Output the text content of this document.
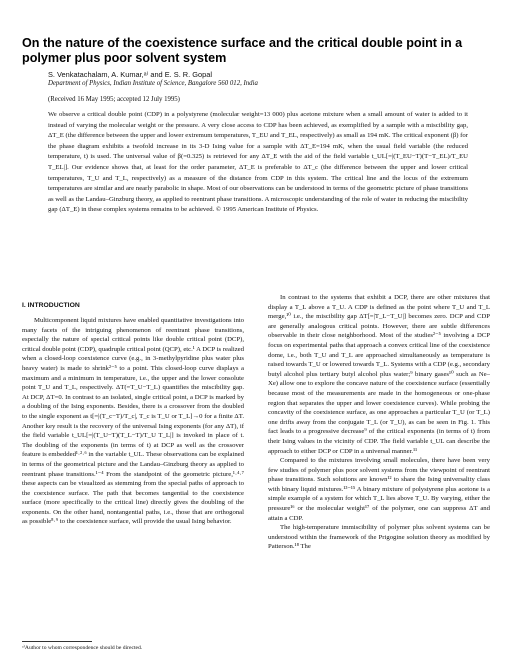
On the nature of the coexistence surface and the critical double point in a polymer plus poor solvent system
S. Venkatachalam, A. Kumar,ᵃ⁾ and E. S. R. Gopal
Department of Physics, Indian Institute of Science, Bangalore 560 012, India
(Received 16 May 1995; accepted 12 July 1995)

We observe a critical double point (CDP) in a polystyrene (molecular weight=13 000) plus acetone mixture when a small amount of water is added to it instead of varying the molecular weight or the pressure. A very close access to CDP has been achieved, as exemplified by a sample with a miscibility gap, ΔT_E (the difference between the upper and lower extremum temperatures, T_EU and T_EL, respectively) as small as 194 mK. The critical exponent (β) for the phase diagram exhibits a twofold increase in its 3-D Ising value for a sample with ΔT_E=194 mK, when the usual field variable (the reduced temperature, t) is used. The universal value of β(=0.325) is retrieved for any ΔT_E with the aid of the field variable t_UL[=|(T_EU−T)(T−T_EL)/T_EU T_EL|]. Our evidence shows that, at least for the order parameter, ΔT_E is preferable to ΔT_c (the difference between the upper and lower critical temperatures, T_U and T_L, respectively) as a measure of the distance from CDP in this system. The critical line and the locus of the extremum temperatures are similar and are nearly parabolic in shape. Most of our observations can be understood in terms of the geometric picture of phase transitions as well as the Landau–Ginzburg theory, as applied to reentrant phase transitions. A microscopic understanding of the role of water in reducing the miscibility gap (ΔT_E) in these complex systems remains to be achieved. © 1995 American Institute of Physics.

I. INTRODUCTION

Multicomponent liquid mixtures have enabled quantitative investigations into many facets of the intriguing phenomenon of reentrant phase transitions, especially the nature of special critical points like double critical point (DCP), critical double point (CDP), quadruple critical point (QCP), etc.¹ A DCP is realized when a closed-loop coexistence curve (e.g., in 3-methylpyridine plus water plus heavy water) is made to shrink²⁻⁵ to a point. This closed-loop curve displays a maximum and a minimum in temperature, i.e., the upper and the lower consolute point T_U and T_L, respectively. ΔT(=T_U−T_L) quantifies the miscibility gap. At DCP, ΔT=0. In contrast to an isolated, single critical point, a DCP is marked by a doubling of the Ising exponents. Besides, there is a crossover from the doubled to the single exponent as t[=|(T_c−T)/T_c|, T_c is T_U or T_L]→0 for a finite ΔT. Another key result is the recovery of the universal Ising exponents (for any ΔT), if the field variable t_UL[=|(T_U−T)(T_L−T)/T_U T_L|] is invoked in place of t. The doubling of the exponents (in terms of t) at DCP as well as the crossover feature is embedded¹·²·⁶ in the variable t_UL. These observations can be explained in terms of the geometrical picture and the Landau–Ginzburg theory as applied to reentrant phase transitions.¹⁻⁴ From the standpoint of the geometric picture,¹·⁴·⁷ these aspects can be visualized as stemming from the special paths of approach to the coexistence surface. The path that becomes tangential to the coexistence surface (more specifically to the critical line) directly gives the doubling of the exponents. On the other hand, nontangential paths, i.e., those that are orthogonal as possible⁸·⁹ to the coexistence surface, will provide the usual Ising behavior.

In contrast to the systems that exhibit a DCP, there are other mixtures that display a T_L above a T_U. A CDP is defined as the point where T_U and T_L merge,¹⁰ i.e., the miscibility gap ΔT[=|T_L−T_U|] becomes zero. DCP and CDP are generally analogous critical points. However, there are subtle differences observable in their close neighborhood. Most of the studies²⁻⁵ involving a DCP focus on experimental paths that approach a convex critical line of the coexistence dome, i.e., both T_U and T_L are approached simultaneously as temperature is raised towards T_U or lowered towards T_L. Systems with a CDP (e.g., secondary butyl alcohol plus tertiary butyl alcohol plus water;⁹ binary gases¹⁰ such as Ne–Xe) allow one to explore the concave nature of the coexistence surface (essentially because most of the measurements are made in the homogeneous or one-phase region that separates the upper and lower coexistence curves). While probing the concavity of the coexistence surface, as one approaches a particular T_U (or T_L) one drifts away from the conjugate T_L (or T_U), as can be seen in Fig. 1. This fact leads to a progressive decrease⁹ of the critical exponents (in terms of t) from their Ising values in the vicinity of CDP. The field variable t_UL can describe the approach to either DCP or CDP in a universal manner.¹¹

Compared to the mixtures involving small molecules, there have been very few studies of polymer plus poor solvent systems from the viewpoint of reentrant phase transitions. Such solutions are known¹² to share the Ising universality class with binary liquid mixtures.¹³⁻¹⁵ A binary mixture of polystyrene plus acetone is a simple example of a system for which T_L lies above T_U. By varying, either the pressure¹⁶ or the molecular weight¹⁷ of the polymer, one can suppress ΔT and attain a CDP.

The high-temperature immiscibility of polymer plus solvent systems can be understood within the framework of the Prigogine solution theory as modified by Patterson.¹⁸ The

ᵃ⁾Author to whom correspondence should be directed.
